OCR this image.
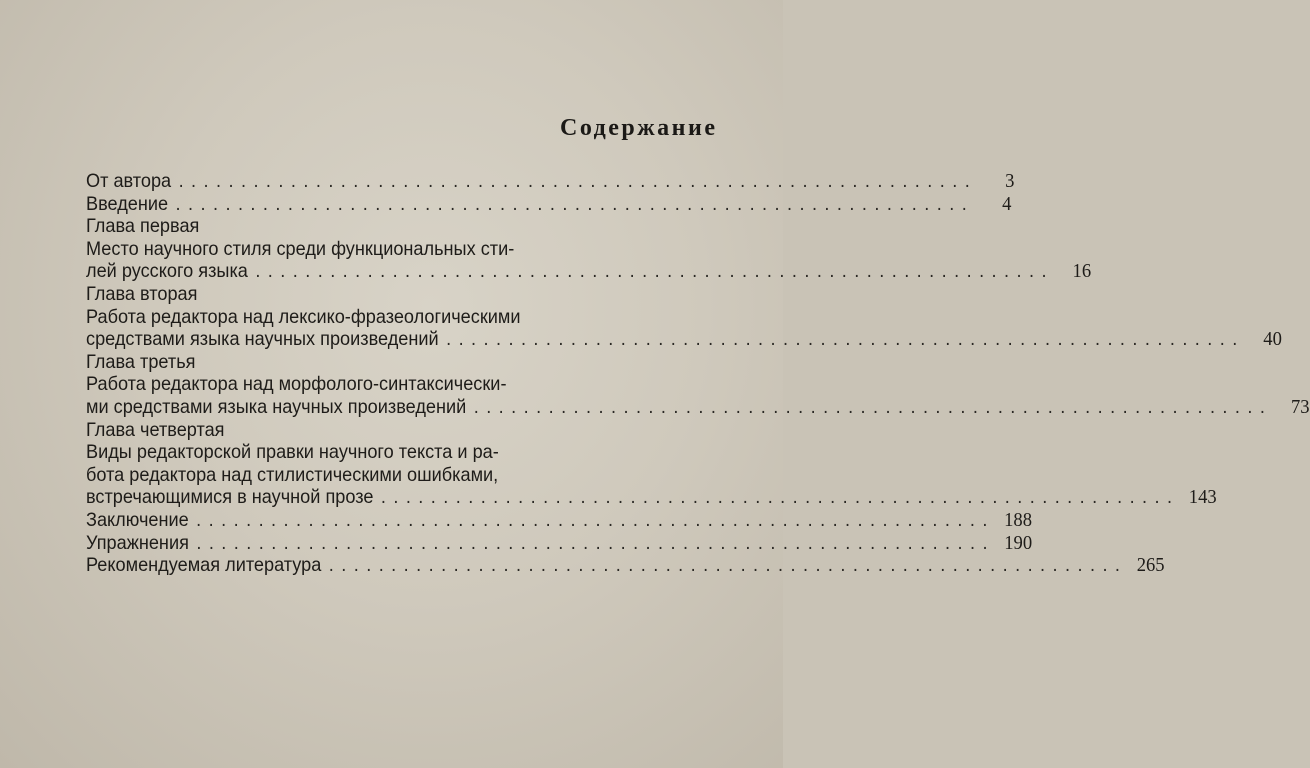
Содержание
От автора ................................................................	3
Введение ................................................................	4
Глава первая
Место научного стиля среди функциональных сти-
лей русского языка ................................................................ 16
Глава вторая
Работа редактора над лексико-фразеологическими
средствами языка научных произведений ................................................................ 40
Глава третья
Работа редактора над морфолого-синтаксически-
ми средствами языка научных произведений ................................................................ 73
Глава четвертая
Виды редакторской правки научного текста и ра-
бота редактора над стилистическими ошибками,
встречающимися в научной прозе ................................................................ 143
Заключение ................................................................ 188
Упражнения ................................................................ 190
Рекомендуемая литература ................................................................ 265
